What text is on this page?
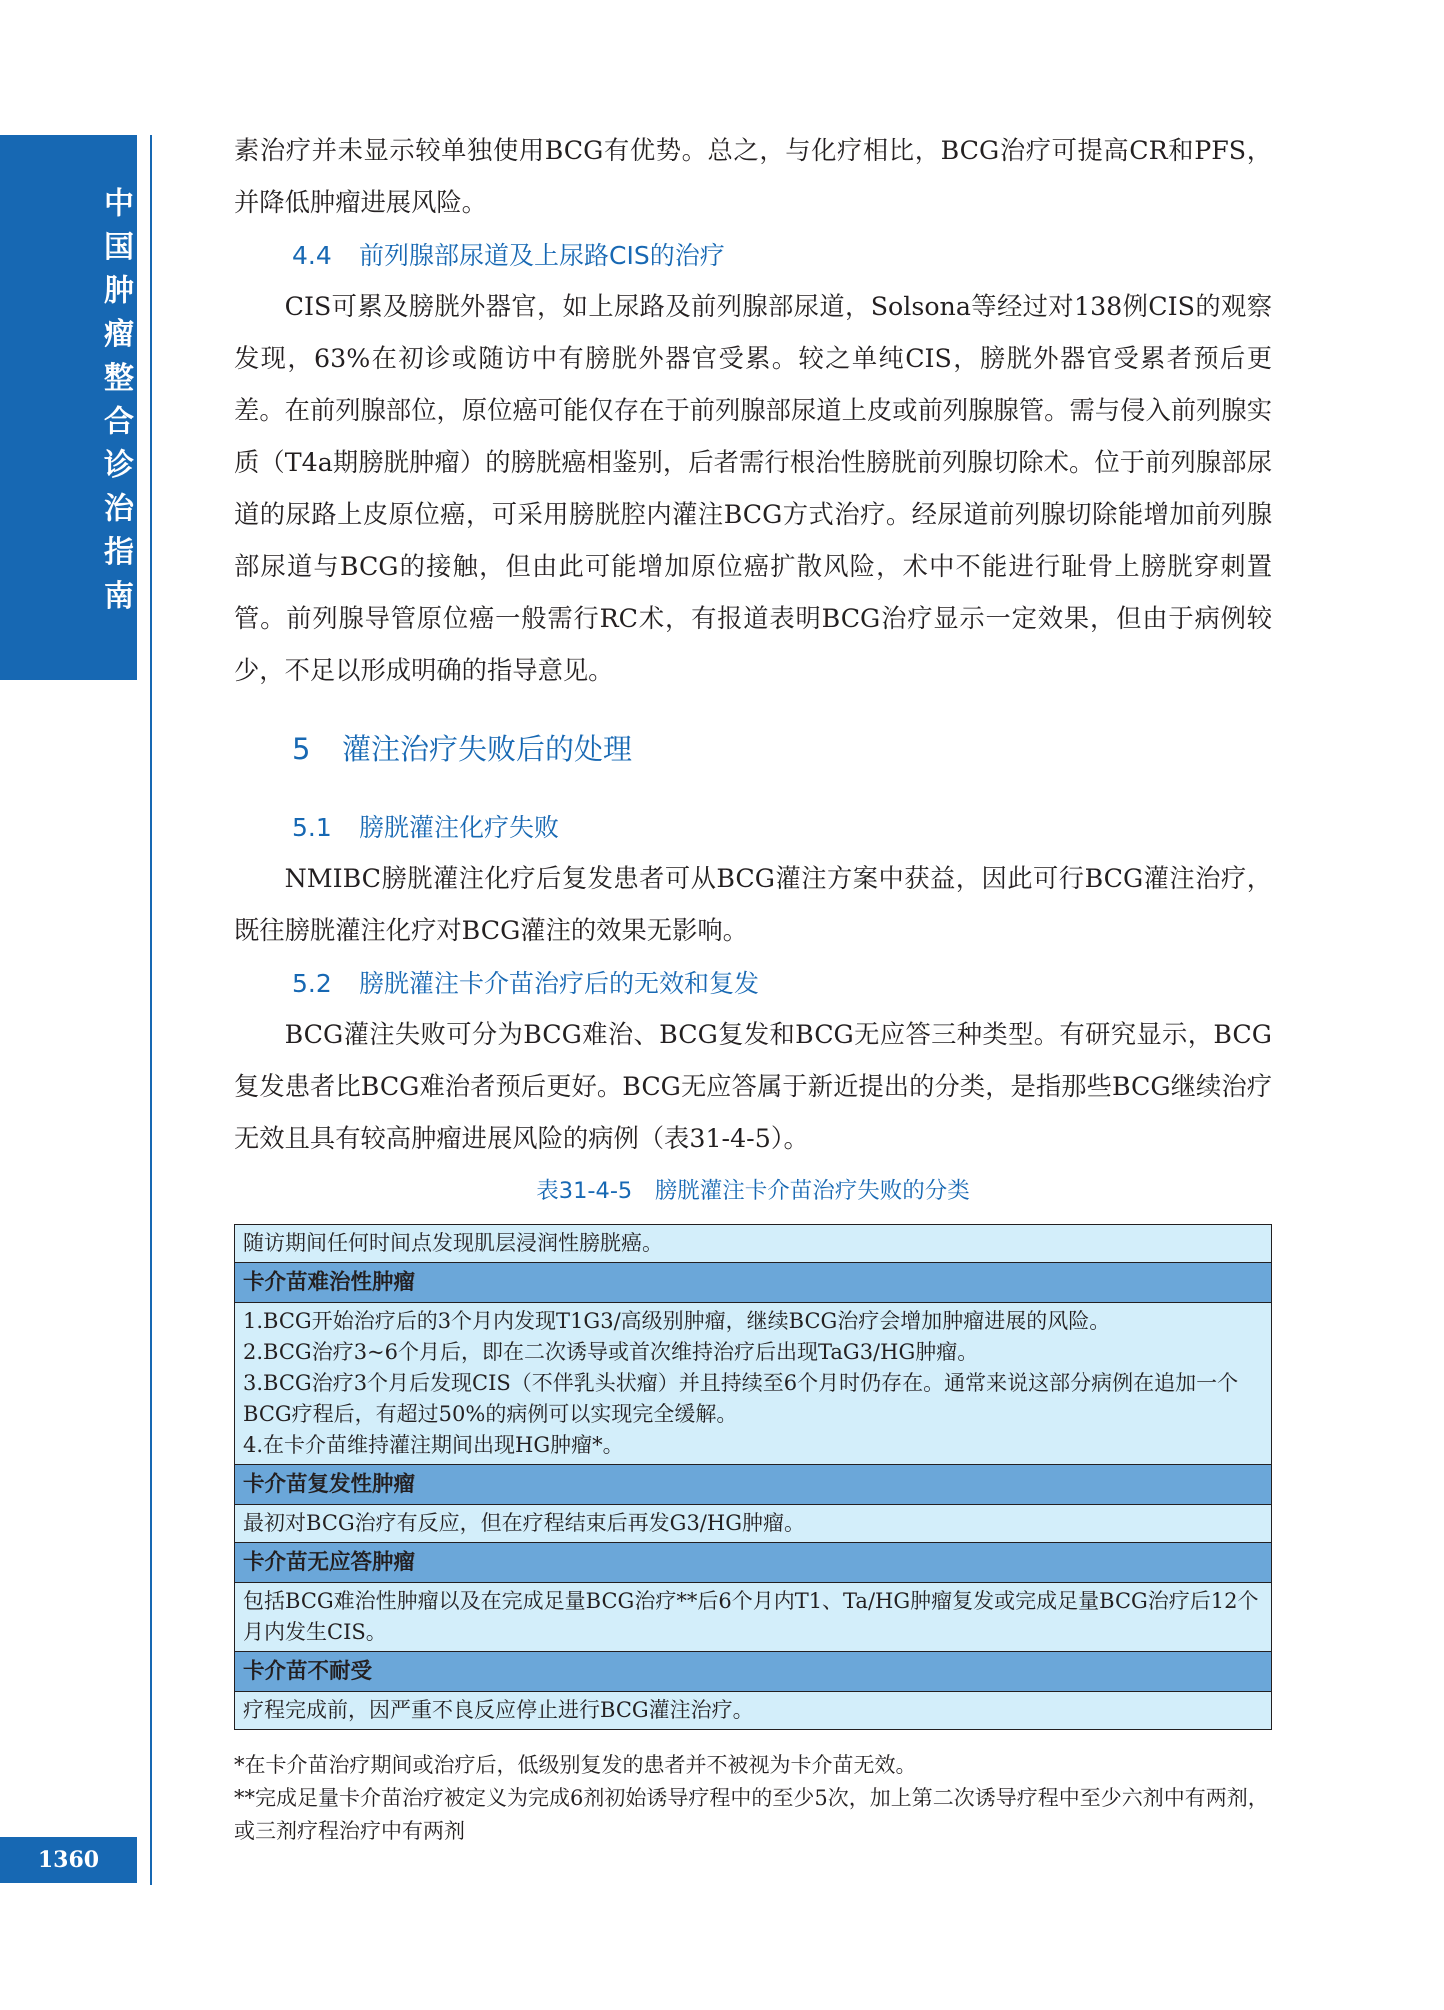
中国肿瘤整合诊治指南
1360

素治疗并未显示较单独使用BCG有优势。总之，与化疗相比，BCG治疗可提高CR和PFS，并降低肿瘤进展风险。

4.4 前列腺部尿道及上尿路CIS的治疗

CIS可累及膀胱外器官，如上尿路及前列腺部尿道，Solsona等经过对138例CIS的观察发现，63%在初诊或随访中有膀胱外器官受累。较之单纯CIS，膀胱外器官受累者预后更差。在前列腺部位，原位癌可能仅存在于前列腺部尿道上皮或前列腺腺管。需与侵入前列腺实质（T4a期膀胱肿瘤）的膀胱癌相鉴别，后者需行根治性膀胱前列腺切除术。位于前列腺部尿道的尿路上皮原位癌，可采用膀胱腔内灌注BCG方式治疗。经尿道前列腺切除能增加前列腺部尿道与BCG的接触，但由此可能增加原位癌扩散风险，术中不能进行耻骨上膀胱穿刺置管。前列腺导管原位癌一般需行RC术，有报道表明BCG治疗显示一定效果，但由于病例较少，不足以形成明确的指导意见。

5 灌注治疗失败后的处理
5.1 膀胱灌注化疗失败

NMIBC膀胱灌注化疗后复发患者可从BCG灌注方案中获益，因此可行BCG灌注治疗，既往膀胱灌注化疗对BCG灌注的效果无影响。

5.2 膀胱灌注卡介苗治疗后的无效和复发

BCG灌注失败可分为BCG难治、BCG复发和BCG无应答三种类型。有研究显示，BCG复发患者比BCG难治者预后更好。BCG无应答属于新近提出的分类，是指那些BCG继续治疗无效且具有较高肿瘤进展风险的病例（表31-4-5）。

表31-4-5　膀胱灌注卡介苗治疗失败的分类
随访期间任何时间点发现肌层浸润性膀胱癌。
卡介苗难治性肿瘤
1.BCG开始治疗后的3个月内发现T1G3/高级别肿瘤，继续BCG治疗会增加肿瘤进展的风险。
2.BCG治疗3~6个月后，即在二次诱导或首次维持治疗后出现TaG3/HG肿瘤。
3.BCG治疗3个月后发现CIS（不伴乳头状瘤）并且持续至6个月时仍存在。通常来说这部分病例在追加一个BCG疗程后，有超过50%的病例可以实现完全缓解。
4.在卡介苗维持灌注期间出现HG肿瘤*。
卡介苗复发性肿瘤
最初对BCG治疗有反应，但在疗程结束后再发G3/HG肿瘤。
卡介苗无应答肿瘤
包括BCG难治性肿瘤以及在完成足量BCG治疗**后6个月内T1、Ta/HG肿瘤复发或完成足量BCG治疗后12个月内发生CIS。
卡介苗不耐受
疗程完成前，因严重不良反应停止进行BCG灌注治疗。
*在卡介苗治疗期间或治疗后，低级别复发的患者并不被视为卡介苗无效。
**完成足量卡介苗治疗被定义为完成6剂初始诱导疗程中的至少5次，加上第二次诱导疗程中至少六剂中有两剂，或三剂疗程治疗中有两剂
